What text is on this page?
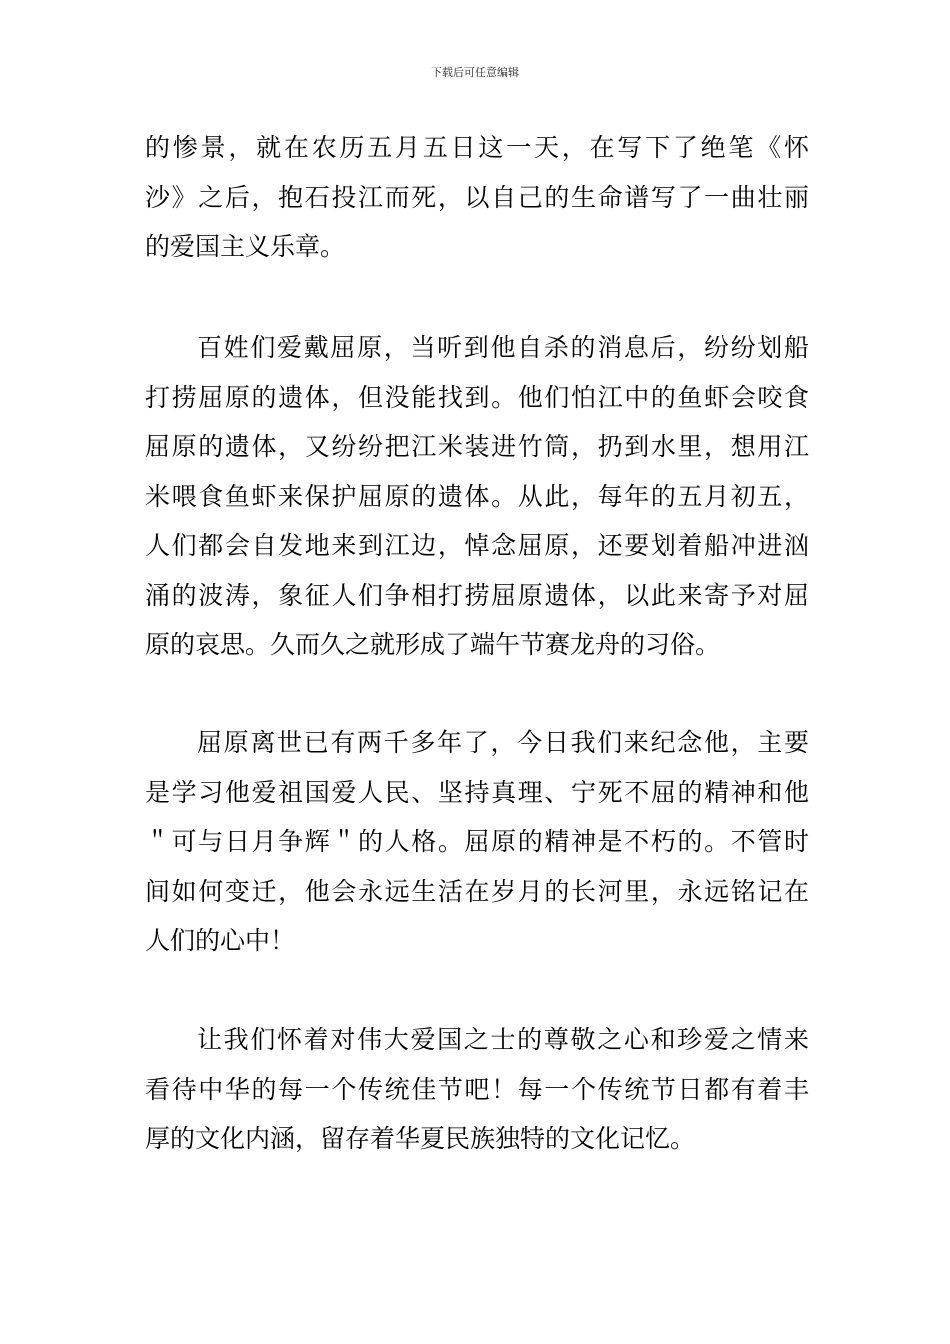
下载后可任意编辑
的惨景，就在农历五月五日这一天，在写下了绝笔《怀
沙》之后，抱石投江而死，以自己的生命谱写了一曲壮丽
的爱国主义乐章。
百姓们爱戴屈原，当听到他自杀的消息后，纷纷划船
打捞屈原的遗体，但没能找到。他们怕江中的鱼虾会咬食
屈原的遗体，又纷纷把江米装进竹筒，扔到水里，想用江
米喂食鱼虾来保护屈原的遗体。从此，每年的五月初五，
人们都会自发地来到江边，悼念屈原，还要划着船冲进汹
涌的波涛，象征人们争相打捞屈原遗体，以此来寄予对屈
原的哀思。久而久之就形成了端午节赛龙舟的习俗。
屈原离世已有两千多年了，今日我们来纪念他，主要
是学习他爱祖国爱人民、坚持真理、宁死不屈的精神和他
＂可与日月争辉＂的人格。屈原的精神是不朽的。不管时
间如何变迁，他会永远生活在岁月的长河里，永远铭记在
人们的心中！
让我们怀着对伟大爱国之士的尊敬之心和珍爱之情来
看待中华的每一个传统佳节吧！每一个传统节日都有着丰
厚的文化内涵，留存着华夏民族独特的文化记忆。
